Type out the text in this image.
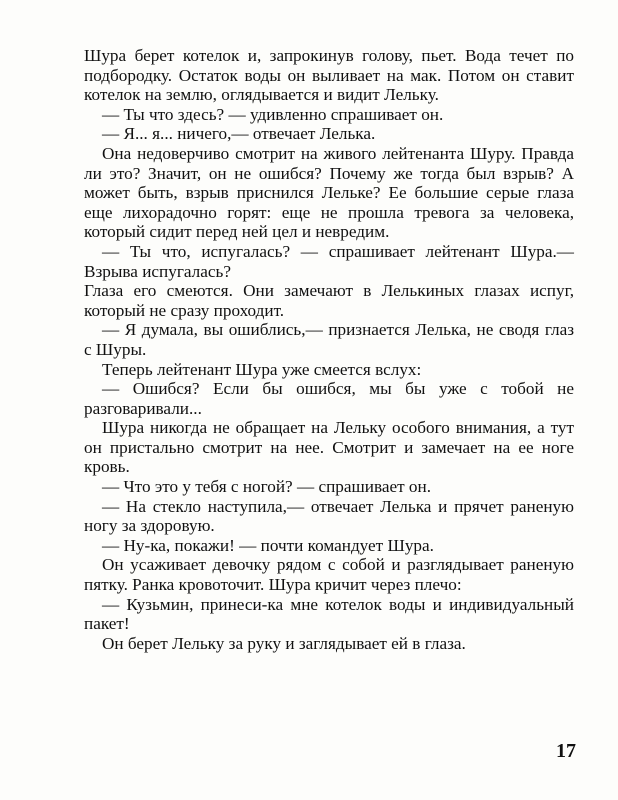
Шура берет котелок и, запрокинув голову, пьет. Вода течет по подбородку. Остаток воды он выливает на мак. Потом он ставит котелок на землю, оглядывается и видит Лельку.

— Ты что здесь? — удивленно спрашивает он.

— Я... я... ничего,— отвечает Лелька.

Она недоверчиво смотрит на живого лейтенанта Шуру. Правда ли это? Значит, он не ошибся? Почему же тогда был взрыв? А может быть, взрыв приснился Лельке? Ее большие серые глаза еще лихорадочно горят: еще не прошла тревога за человека, который сидит перед ней цел и невредим.

— Ты что, испугалась? — спрашивает лейтенант Шура.— Взрыва испугалась?

Глаза его смеются. Они замечают в Лелькиных глазах испуг, который не сразу проходит.

— Я думала, вы ошиблись,— признается Лелька, не сводя глаз с Шуры.

Теперь лейтенант Шура уже смеется вслух:

— Ошибся? Если бы ошибся, мы бы уже с тобой не разговаривали...

Шура никогда не обращает на Лельку особого внимания, а тут он пристально смотрит на нее. Смотрит и замечает на ее ноге кровь.

— Что это у тебя с ногой? — спрашивает он.

— На стекло наступила,— отвечает Лелька и прячет раненую ногу за здоровую.

— Ну-ка, покажи! — почти командует Шура.

Он усаживает девочку рядом с собой и разглядывает раненую пятку. Ранка кровоточит. Шура кричит через плечо:

— Кузьмин, принеси-ка мне котелок воды и индивидуальный пакет!

Он берет Лельку за руку и заглядывает ей в глаза.

17
